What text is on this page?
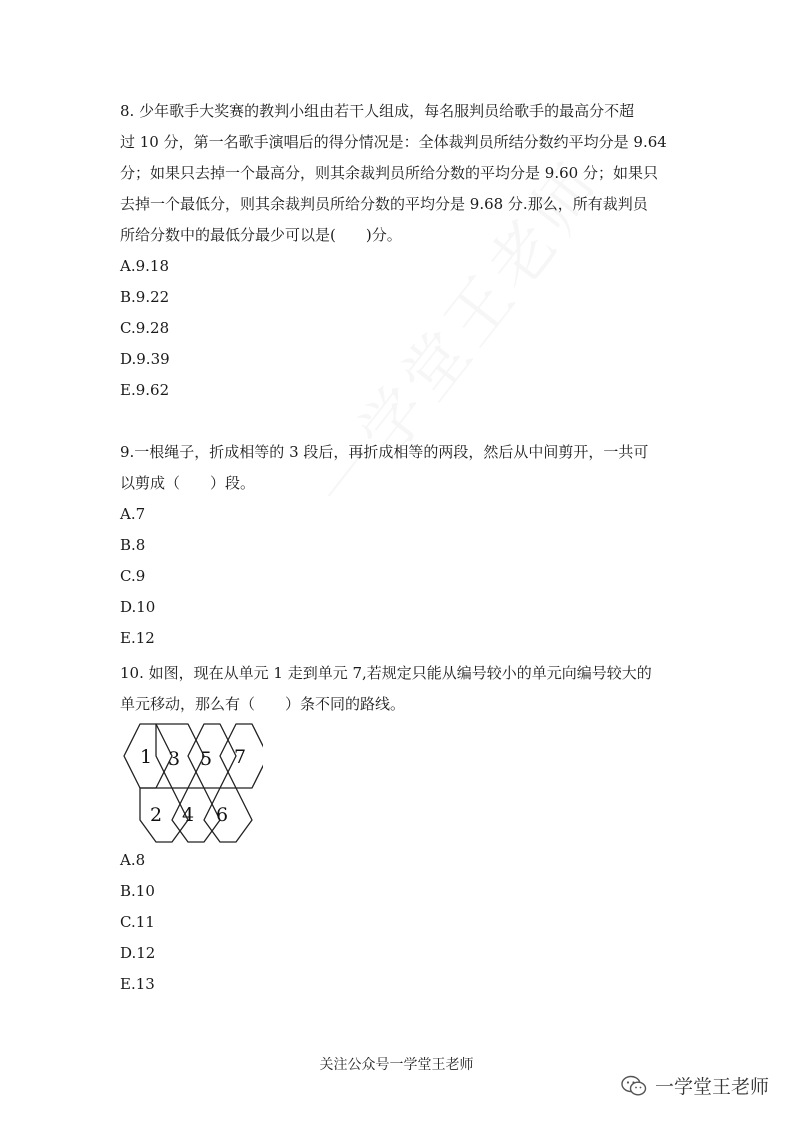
8. 少年歌手大奖赛的教判小组由若干人组成，每名服判员给歌手的最高分不超

过 10 分，第一名歌手演唱后的得分情况是：全体裁判员所结分数约平均分是 9.64

分；如果只去掉一个最高分，则其余裁判员所给分数的平均分是 9.60 分；如果只

去掉一个最低分，则其余裁判员所给分数的平均分是 9.68 分.那么，所有裁判员

所给分数中的最低分最少可以是(　　)分。

A.9.18

B.9.22

C.9.28

D.9.39

E.9.62

9.一根绳子，折成相等的 3 段后，再折成相等的两段，然后从中间剪开，一共可

以剪成（　　）段。

A.7

B.8

C.9

D.10

E.12

10. 如图，现在从单元 1 走到单元 7,若规定只能从编号较小的单元向编号较大的

单元移动，那么有（　　）条不同的路线。

1
2
3
4
5
6
7

A.8

B.10

C.11

D.12

E.13

关注公众号一学堂王老师
一学堂王老师
